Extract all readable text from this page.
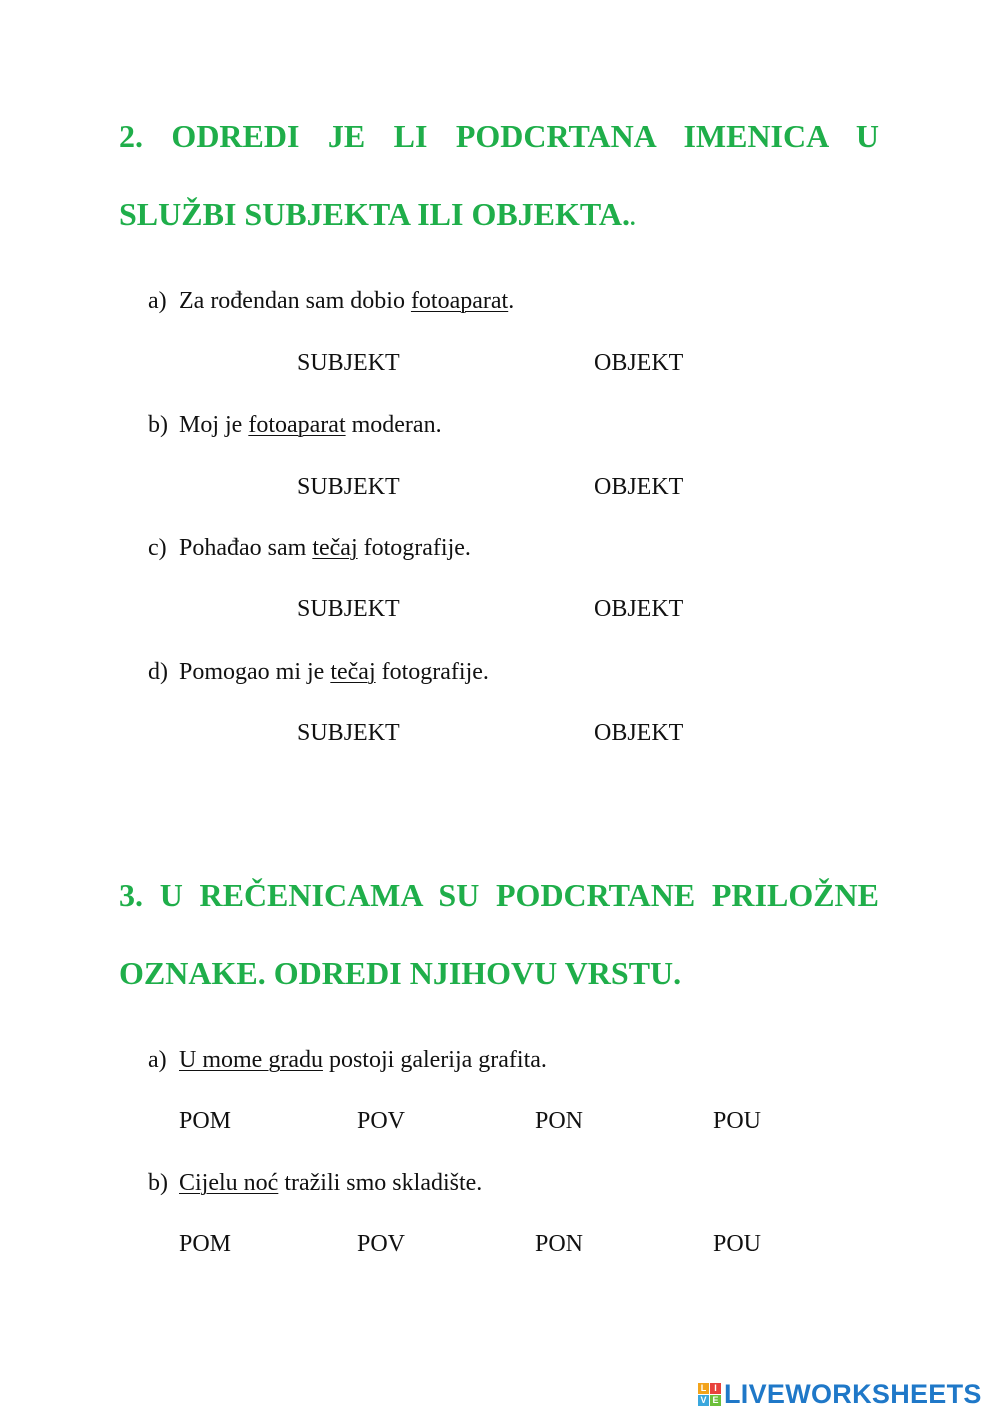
2. ODREDI JE LI PODCRTANA IMENICA U
SLUŽBI SUBJEKTA ILI OBJEKTA..
a) Za rođendan sam dobio fotoaparat.
SUBJEKT	OBJEKT
b) Moj je fotoaparat moderan.
SUBJEKT	OBJEKT
c) Pohađao sam tečaj fotografije.
SUBJEKT	OBJEKT
d) Pomogao mi je tečaj fotografije.
SUBJEKT	OBJEKT
3. U REČENICAMA SU PODCRTANE PRILOŽNE
OZNAKE. ODREDI NJIHOVU VRSTU.
a) U mome gradu postoji galerija grafita.
POM	POV	PON	POU
b) Cijelu noć tražili smo skladište.
POM	POV	PON	POU
L I
V E LIVEWORKSHEETS
